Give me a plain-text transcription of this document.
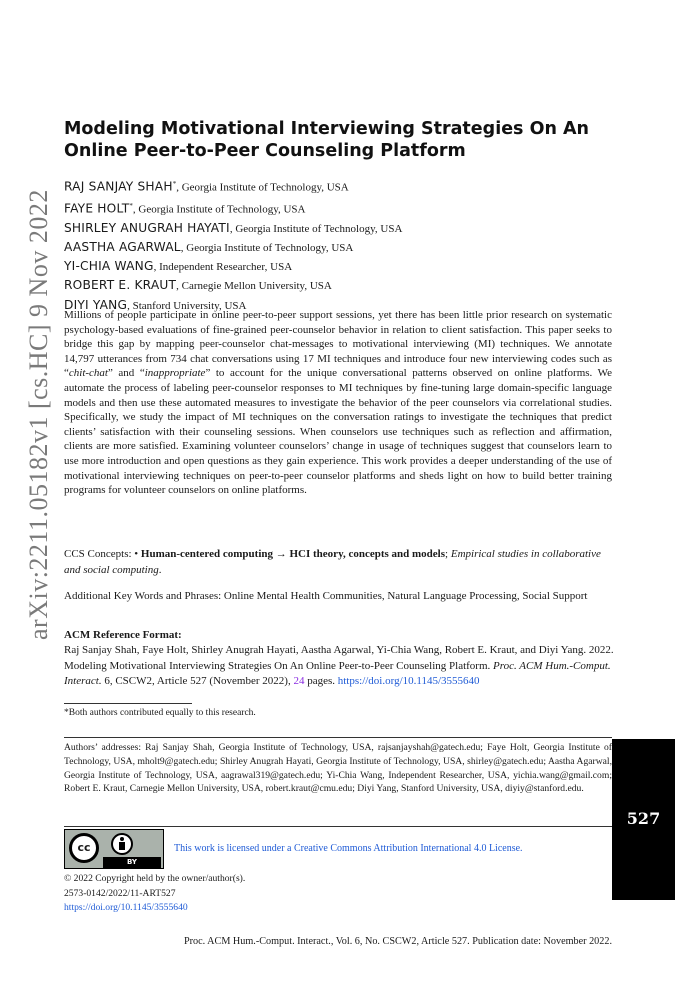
arXiv:2211.05182v1 [cs.HC] 9 Nov 2022
Modeling Motivational Interviewing Strategies On An
Online Peer-to-Peer Counseling Platform
RAJ SANJAY SHAH*, Georgia Institute of Technology, USA
FAYE HOLT*, Georgia Institute of Technology, USA
SHIRLEY ANUGRAH HAYATI, Georgia Institute of Technology, USA
AASTHA AGARWAL, Georgia Institute of Technology, USA
YI-CHIA WANG, Independent Researcher, USA
ROBERT E. KRAUT, Carnegie Mellon University, USA
DIYI YANG, Stanford University, USA

Millions of people participate in online peer-to-peer support sessions, yet there has been little prior research on systematic psychology-based evaluations of fine-grained peer-counselor behavior in relation to client satisfaction. This paper seeks to bridge this gap by mapping peer-counselor chat-messages to motivational interviewing (MI) techniques. We annotate 14,797 utterances from 734 chat conversations using 17 MI techniques and introduce four new interviewing codes such as “chit-chat” and “inappropriate” to account for the unique conversational patterns observed on online platforms. We automate the process of labeling peer-counselor responses to MI techniques by fine-tuning large domain-specific language models and then use these automated measures to investigate the behavior of the peer counselors via correlational studies. Specifically, we study the impact of MI techniques on the conversation ratings to investigate the techniques that predict clients’ satisfaction with their counseling sessions. When counselors use techniques such as reflection and affirmation, clients are more satisfied. Examining volunteer counselors’ change in usage of techniques suggest that counselors learn to use more introduction and open questions as they gain experience. This work provides a deeper understanding of the use of motivational interviewing techniques on peer-to-peer counselor platforms and sheds light on how to build better training programs for volunteer counselors on online platforms.

CCS Concepts: • Human-centered computing → HCI theory, concepts and models; Empirical studies in collaborative and social computing.
Additional Key Words and Phrases: Online Mental Health Communities, Natural Language Processing, Social Support
ACM Reference Format:
Raj Sanjay Shah, Faye Holt, Shirley Anugrah Hayati, Aastha Agarwal, Yi-Chia Wang, Robert E. Kraut, and Diyi Yang. 2022. Modeling Motivational Interviewing Strategies On An Online Peer-to-Peer Counseling Platform. Proc. ACM Hum.-Comput. Interact. 6, CSCW2, Article 527 (November 2022), 24 pages. https://doi.org/10.1145/3555640
*Both authors contributed equally to this research.
Authors’ addresses: Raj Sanjay Shah, Georgia Institute of Technology, USA, rajsanjayshah@gatech.edu; Faye Holt, Georgia Institute of Technology, USA, mholt9@gatech.edu; Shirley Anugrah Hayati, Georgia Institute of Technology, USA, shirley@gatech.edu; Aastha Agarwal, Georgia Institute of Technology, USA, aagrawal319@gatech.edu; Yi-Chia Wang, Independent Researcher, USA, yichia.wang@gmail.com; Robert E. Kraut, Carnegie Mellon University, USA, robert.kraut@cmu.edu; Diyi Yang, Stanford University, USA, diyiy@stanford.edu.
cc
BY
This work is licensed under a Creative Commons Attribution International 4.0 License.
© 2022 Copyright held by the owner/author(s).
2573-0142/2022/11-ART527
https://doi.org/10.1145/3555640
Proc. ACM Hum.-Comput. Interact., Vol. 6, No. CSCW2, Article 527. Publication date: November 2022.
527
